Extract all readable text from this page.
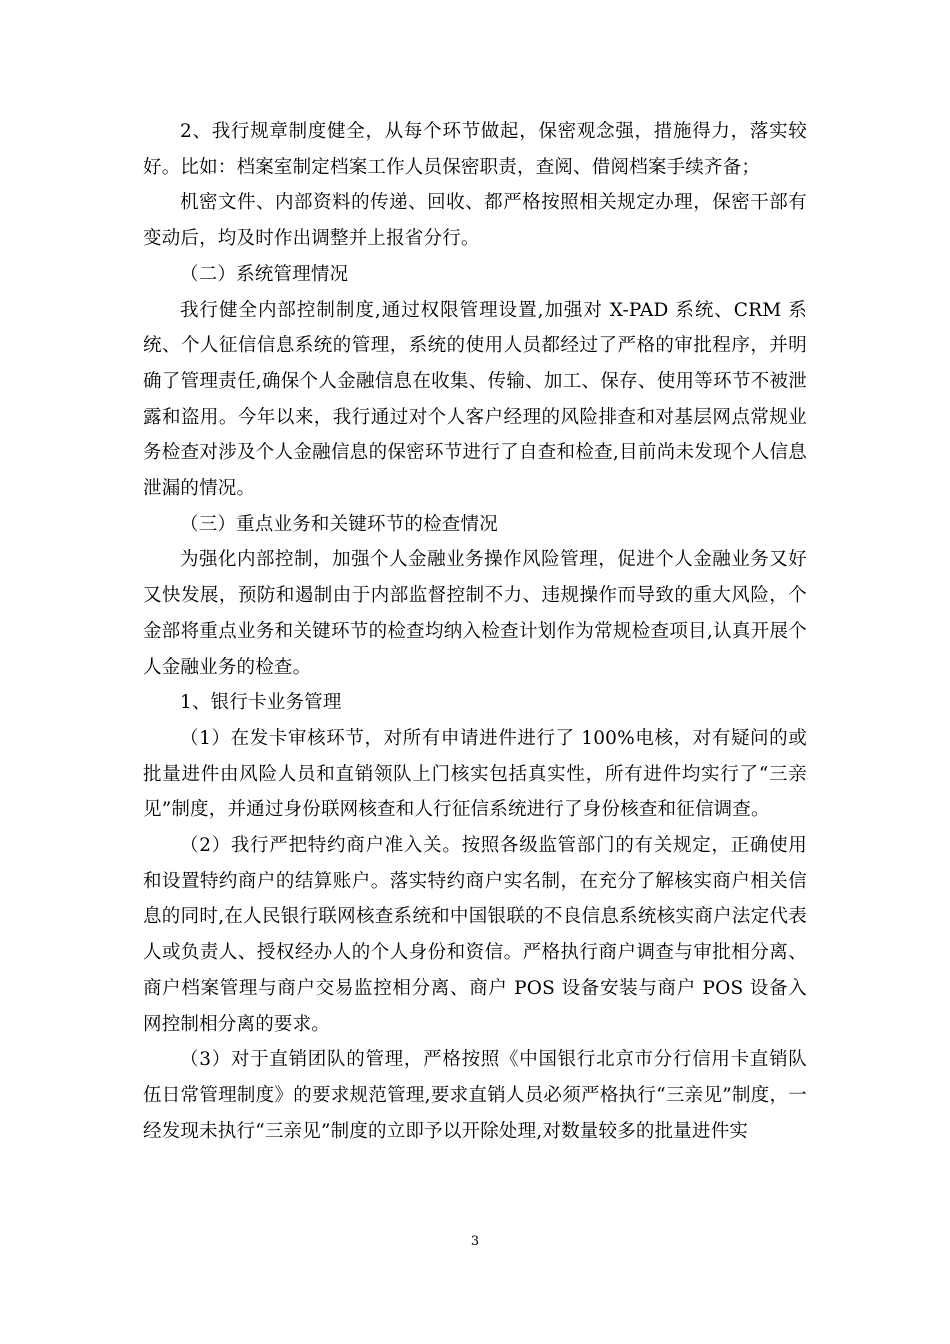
2、我行规章制度健全，从每个环节做起，保密观念强，措施得力，落实较好。比如：档案室制定档案工作人员保密职责，查阅、借阅档案手续齐备；

机密文件、内部资料的传递、回收、都严格按照相关规定办理，保密干部有变动后，均及时作出调整并上报省分行。

（二）系统管理情况

我行健全内部控制制度,通过权限管理设置,加强对 X-PAD 系统、CRM 系统、个人征信信息系统的管理，系统的使用人员都经过了严格的审批程序，并明确了管理责任,确保个人金融信息在收集、传输、加工、保存、使用等环节不被泄露和盗用。今年以来，我行通过对个人客户经理的风险排查和对基层网点常规业务检查对涉及个人金融信息的保密环节进行了自查和检查,目前尚未发现个人信息泄漏的情况。

（三）重点业务和关键环节的检查情况

为强化内部控制，加强个人金融业务操作风险管理，促进个人金融业务又好又快发展，预防和遏制由于内部监督控制不力、违规操作而导致的重大风险，个金部将重点业务和关键环节的检查均纳入检查计划作为常规检查项目,认真开展个人金融业务的检查。

1、银行卡业务管理

（1）在发卡审核环节，对所有申请进件进行了 100%电核，对有疑问的或批量进件由风险人员和直销领队上门核实包括真实性，所有进件均实行了“三亲见”制度，并通过身份联网核查和人行征信系统进行了身份核查和征信调查。

（2）我行严把特约商户准入关。按照各级监管部门的有关规定，正确使用和设置特约商户的结算账户。落实特约商户实名制，在充分了解核实商户相关信息的同时,在人民银行联网核查系统和中国银联的不良信息系统核实商户法定代表人或负责人、授权经办人的个人身份和资信。严格执行商户调查与审批相分离、商户档案管理与商户交易监控相分离、商户 POS 设备安装与商户 POS 设备入网控制相分离的要求。

（3）对于直销团队的管理，严格按照《中国银行北京市分行信用卡直销队伍日常管理制度》的要求规范管理,要求直销人员必须严格执行“三亲见”制度，一经发现未执行“三亲见”制度的立即予以开除处理,对数量较多的批量进件实

3
